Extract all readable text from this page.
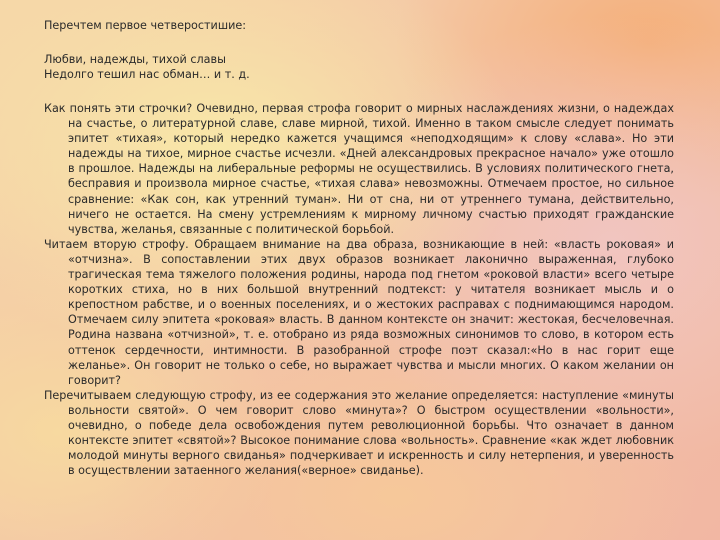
Перечтем первое четверостишие:

Любви, надежды, тихой славы

Недолго тешил нас обман… и т. д.

Как понять эти строчки? Очевидно, первая строфа говорит о мирных наслаждениях жизни, о надеждах на счастье, о литературной славе, славе мирной, тихой. Именно в таком смысле следует понимать эпитет «тихая», который нередко кажется учащимся «неподходящим» к слову «слава». Но эти надежды на тихое, мирное счастье исчезли. «Дней александровых прекрасное начало» уже отошло в прошлое. Надежды на либеральные реформы не осуществились. В условиях политического гнета, бесправия и произвола мирное счастье, «тихая слава» невозможны. Отмечаем простое, но сильное сравнение: «Как сон, как утренний туман». Ни от сна, ни от утреннего тумана, действительно, ничего не остается. На смену устремлениям к мирному личному счастью приходят гражданские чувства, желанья, связанные с политической борьбой.

Читаем вторую строфу. Обращаем внимание на два образа, возникающие в ней: «власть роковая» и «отчизна». В сопоставлении этих двух образов возникает лаконично выраженная, глубоко трагическая тема тяжелого положения родины, народа под гнетом «роковой власти» всего четыре коротких стиха, но в них большой внутренний подтекст: у читателя возникает мысль и о крепостном рабстве, и о военных поселениях, и о жестоких расправах с поднимающимся народом. Отмечаем силу эпитета «роковая» власть. В данном контексте он значит: жестокая, бесчеловечная. Родина названа «отчизной», т. е. отобрано из ряда возможных синонимов то слово, в котором есть оттенок сердечности, интимности. В разобранной строфе поэт сказал:«Но в нас горит еще желанье». Он говорит не только о себе, но выражает чувства и мысли многих. О каком желании он говорит?

Перечитываем следующую строфу, из ее содержания это желание определяется: наступление «минуты вольности святой». О чем говорит слово «минута»? О быстром осуществлении «вольности», очевидно, о победе дела освобождения путем революционной борьбы. Что означает в данном контексте эпитет «святой»? Высокое понимание слова «вольность». Сравнение «как ждет любовник молодой минуты верного свиданья» подчеркивает и искренность и силу нетерпения, и уверенность в осуществлении затаенного желания(«верное» свиданье).
